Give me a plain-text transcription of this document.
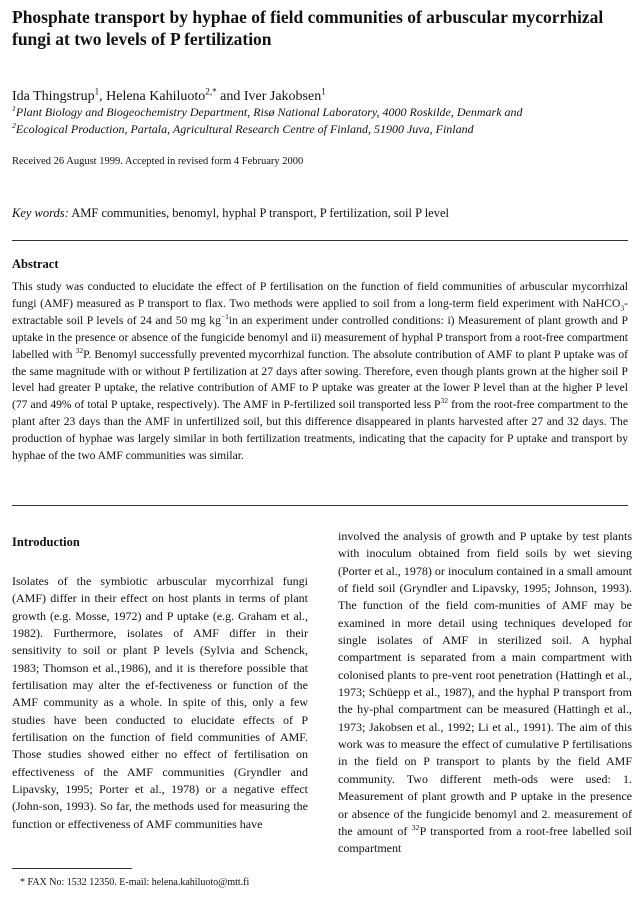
Phosphate transport by hyphae of field communities of arbuscular mycorrhizal fungi at two levels of P fertilization
Ida Thingstrup$^1$, Helena Kahiluoto$^{2,*}$ and Iver Jakobsen$^1$
$^1$Plant Biology and Biogeochemistry Department, Risø National Laboratory, 4000 Roskilde, Denmark and
$^2$Ecological Production, Partala, Agricultural Research Centre of Finland, 51900 Juva, Finland
Received 26 August 1999. Accepted in revised form 4 February 2000
Key words: AMF communities, benomyl, hyphal P transport, P fertilization, soil P level
Abstract
This study was conducted to elucidate the effect of P fertilisation on the function of field communities of arbuscular mycorrhizal fungi (AMF) measured as P transport to flax. Two methods were applied to soil from a long-term field experiment with NaHCO$_3$-extractable soil P levels of 24 and 50 mg $kg^{-1}in$ an experiment under controlled conditions: i) Measurement of plant growth and P uptake in the presence or absence of the fungicide benomyl and ii) measurement of hyphal P transport from a root-free compartment labelled with $^{32}$P. Benomyl successfully prevented mycorrhizal function. The absolute contribution of AMF to plant P uptake was of the same magnitude with or without P fertilization at 27 days after sowing. Therefore, even though plants grown at the higher soil P level had greater P uptake, the relative contribution of AMF to P uptake was greater at the lower P level than at the higher P level (77 and 49% of total P uptake, respectively). The AMF in P-fertilized soil transported less $P^{32}$ from the root-free compartment to the plant after 23 days than the AMF in unfertilized soil, but this difference disappeared in plants harvested after 27 and 32 days. The production of hyphae was largely similar in both fertilization treatments, indicating that the capacity for P uptake and transport by hyphae of the two AMF communities was similar.
Introduction

Isolates of the symbiotic arbuscular mycorrhizal fungi (AMF) differ in their effect on host plants in terms of plant growth (e.g. Mosse, 1972) and P uptake (e.g. Graham et al., 1982). Furthermore, isolates of AMF differ in their sensitivity to soil or plant P levels (Sylvia and Schenck, 1983; Thomson et al.,1986), and it is therefore possible that fertilisation may alter the ef-fectiveness or function of the AMF community as a whole. In spite of this, only a few studies have been conducted to elucidate effects of P fertilisation on the function of field communities of AMF. Those studies showed either no effect of fertilisation on effectiveness of the AMF communities (Gryndler and Lipavsky, 1995; Porter et al., 1978) or a negative effect (John-son, 1993). So far, the methods used for measuring the function or effectiveness of AMF communities have

involved the analysis of growth and P uptake by test plants with inoculum obtained from field soils by wet sieving (Porter et al., 1978) or inoculum contained in a small amount of field soil (Gryndler and Lipavsky, 1995; Johnson, 1993). The function of the field com-munities of AMF may be examined in more detail using techniques developed for single isolates of AMF in sterilized soil. A hyphal compartment is separated from a main compartment with colonised plants to pre-vent root penetration (Hattingh et al., 1973; Schüepp et al., 1987), and the hyphal P transport from the hy-phal compartment can be measured (Hattingh et al., 1973; Jakobsen et al., 1992; Li et al., 1991). The aim of this work was to measure the effect of cumulative P fertilisations in the field on P transport to plants by the field AMF community. Two different meth-ods were used: 1. Measurement of plant growth and P uptake in the presence or absence of the fungicide benomyl and 2. measurement of the amount of $^{32}$P transported from a root-free labelled soil compartment

* FAX No: 1532 12350. E-mail: helena.kahiluoto@mtt.fi
